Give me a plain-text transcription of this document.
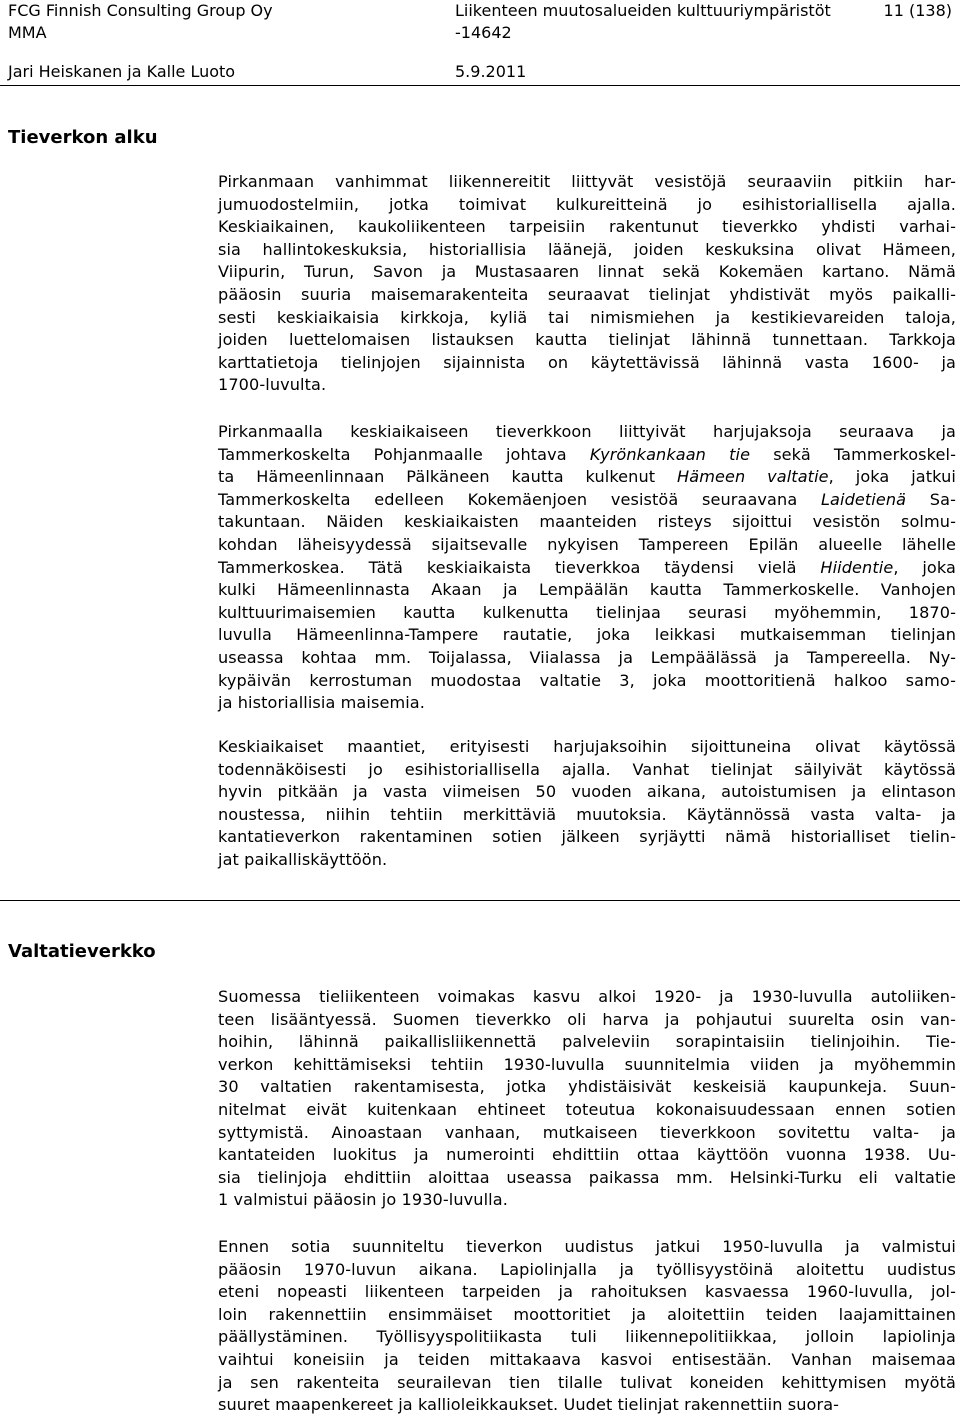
FCG Finnish Consulting Group Oy
MMA
Liikenteen muutosalueiden kulttuuriympäristöt
-14642
11 (138)
Jari Heiskanen ja Kalle Luoto	5.9.2011
Tieverkon alku
Pirkanmaan vanhimmat liikennereitit liittyvät vesistöjä seuraaviin pitkiin har-
jumuodostelmiin, jotka toimivat kulkureitteinä jo esihistoriallisella ajalla.
Keskiaikainen, kaukoliikenteen tarpeisiin rakentunut tieverkko yhdisti varhai-
sia hallintokeskuksia, historiallisia läänejä, joiden keskuksina olivat Hämeen,
Viipurin, Turun, Savon ja Mustasaaren linnat sekä Kokemäen kartano. Nämä
pääosin suuria maisemarakenteita seuraavat tielinjat yhdistivät myös paikalli-
sesti keskiaikaisia kirkkoja, kyliä tai nimismiehen ja kestikievareiden taloja,
joiden luettelomaisen listauksen kautta tielinjat lähinnä tunnettaan. Tarkkoja
karttatietoja tielinjojen sijainnista on käytettävissä lähinnä vasta 1600- ja
1700-luvulta.
Pirkanmaalla keskiaikaiseen tieverkkoon liittyivät harjujaksoja seuraava ja
Tammerkoskelta Pohjanmaalle johtava Kyrönkankaan tie sekä Tammerkoskel-
ta Hämeenlinnaan Pälkäneen kautta kulkenut Hämeen valtatie, joka jatkui
Tammerkoskelta edelleen Kokemäenjoen vesistöä seuraavana Laidetienä Sa-
takuntaan. Näiden keskiaikaisten maanteiden risteys sijoittui vesistön solmu-
kohdan läheisyydessä sijaitsevalle nykyisen Tampereen Epilän alueelle lähelle
Tammerkoskea. Tätä keskiaikaista tieverkkoa täydensi vielä Hiidentie, joka
kulki Hämeenlinnasta Akaan ja Lempäälän kautta Tammerkoskelle. Vanhojen
kulttuurimaisemien kautta kulkenutta tielinjaa seurasi myöhemmin, 1870-
luvulla Hämeenlinna-Tampere rautatie, joka leikkasi mutkaisemman tielinjan
useassa kohtaa mm. Toijalassa, Viialassa ja Lempäälässä ja Tampereella. Ny-
kypäivän kerrostuman muodostaa valtatie 3, joka moottoritienä halkoo samo-
ja historiallisia maisemia.
Keskiaikaiset maantiet, erityisesti harjujaksoihin sijoittuneina olivat käytössä
todennäköisesti jo esihistoriallisella ajalla. Vanhat tielinjat säilyivät käytössä
hyvin pitkään ja vasta viimeisen 50 vuoden aikana, autoistumisen ja elintason
noustessa, niihin tehtiin merkittäviä muutoksia. Käytännössä vasta valta- ja
kantatieverkon rakentaminen sotien jälkeen syrjäytti nämä historialliset tielin-
jat paikalliskäyttöön.
Valtatieverkko
Suomessa tieliikenteen voimakas kasvu alkoi 1920- ja 1930-luvulla autoliiken-
teen lisääntyessä. Suomen tieverkko oli harva ja pohjautui suurelta osin van-
hoihin, lähinnä paikallisliikennettä palveleviin sorapintaisiin tielinjoihin. Tie-
verkon kehittämiseksi tehtiin 1930-luvulla suunnitelmia viiden ja myöhemmin
30 valtatien rakentamisesta, jotka yhdistäisivät keskeisiä kaupunkeja. Suun-
nitelmat eivät kuitenkaan ehtineet toteutua kokonaisuudessaan ennen sotien
syttymistä. Ainoastaan vanhaan, mutkaiseen tieverkkoon sovitettu valta- ja
kantateiden luokitus ja numerointi ehdittiin ottaa käyttöön vuonna 1938. Uu-
sia tielinjoja ehdittiin aloittaa useassa paikassa mm. Helsinki-Turku eli valtatie
1 valmistui pääosin jo 1930-luvulla.
Ennen sotia suunniteltu tieverkon uudistus jatkui 1950-luvulla ja valmistui
pääosin 1970-luvun aikana. Lapiolinjalla ja työllisyystöinä aloitettu uudistus
eteni nopeasti liikenteen tarpeiden ja rahoituksen kasvaessa 1960-luvulla, jol-
loin rakennettiin ensimmäiset moottoritiet ja aloitettiin teiden laajamittainen
päällystäminen. Työllisyyspolitiikasta tuli liikennepolitiikkaa, jolloin lapiolinja
vaihtui koneisiin ja teiden mittakaava kasvoi entisestään. Vanhan maisemaa
ja sen rakenteita seurailevan tien tilalle tulivat koneiden kehittymisen myötä
suuret maapenkereet ja kallioleikkaukset. Uudet tielinjat rakennettiin suora-
